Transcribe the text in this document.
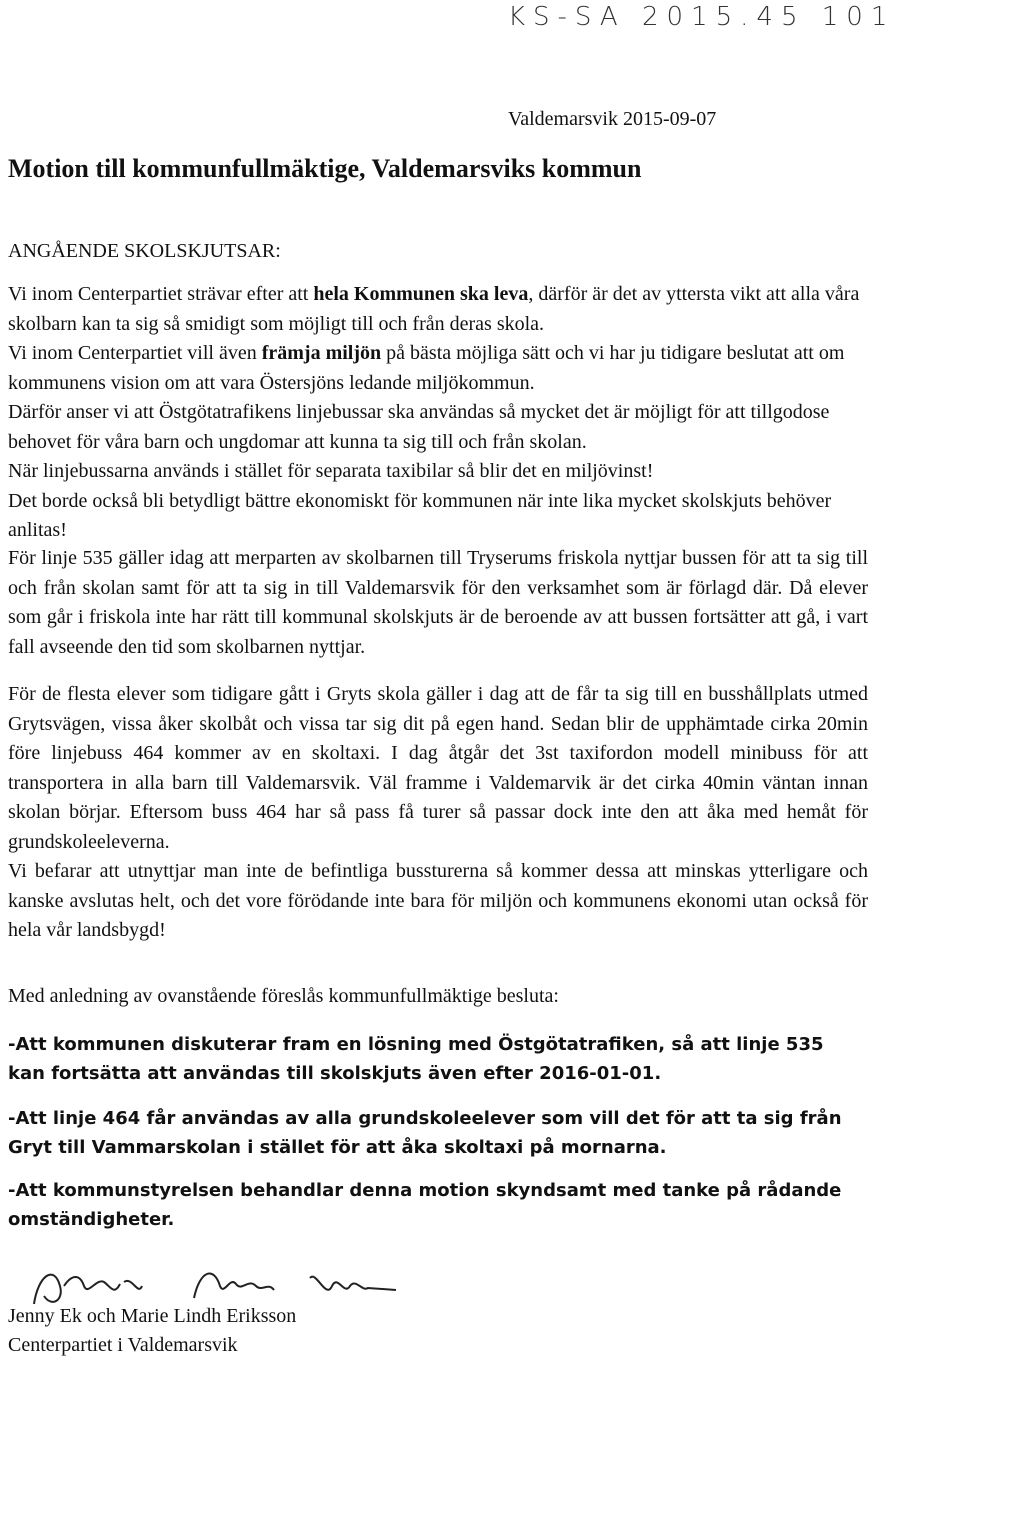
KS-SA 2015.45 101
Valdemarsvik 2015-09-07
Motion till kommunfullmäktige, Valdemarsviks kommun
ANGÅENDE SKOLSKJUTSAR:

Vi inom Centerpartiet strävar efter att hela Kommunen ska leva, därför är det av yttersta vikt att alla våra skolbarn kan ta sig så smidigt som möjligt till och från deras skola.

Vi inom Centerpartiet vill även främja miljön på bästa möjliga sätt och vi har ju tidigare beslutat att om kommunens vision om att vara Östersjöns ledande miljökommun.

Därför anser vi att Östgötatrafikens linjebussar ska användas så mycket det är möjligt för att tillgodose behovet för våra barn och ungdomar att kunna ta sig till och från skolan.

När linjebussarna används i stället för separata taxibilar så blir det en miljövinst!

Det borde också bli betydligt bättre ekonomiskt för kommunen när inte lika mycket skolskjuts behöver anlitas!

För linje 535 gäller idag att merparten av skolbarnen till Tryserums friskola nyttjar bussen för att ta sig till och från skolan samt för att ta sig in till Valdemarsvik för den verksamhet som är förlagd där. Då elever som går i friskola inte har rätt till kommunal skolskjuts är de beroende av att bussen fortsätter att gå, i vart fall avseende den tid som skolbarnen nyttjar.

För de flesta elever som tidigare gått i Gryts skola gäller i dag att de får ta sig till en busshållplats utmed Grytsvägen, vissa åker skolbåt och vissa tar sig dit på egen hand. Sedan blir de upphämtade cirka 20min före linjebuss 464 kommer av en skoltaxi. I dag åtgår det 3st taxifordon modell minibuss för att transportera in alla barn till Valdemarsvik. Väl framme i Valdemarvik är det cirka 40min väntan innan skolan börjar. Eftersom buss 464 har så pass få turer så passar dock inte den att åka med hemåt för grundskoleeleverna.

Vi befarar att utnyttjar man inte de befintliga bussturerna så kommer dessa att minskas ytterligare och kanske avslutas helt, och det vore förödande inte bara för miljön och kommunens ekonomi utan också för hela vår landsbygd!

Med anledning av ovanstående föreslås kommunfullmäktige besluta:

-Att kommunen diskuterar fram en lösning med Östgötatrafiken, så att linje 535 kan fortsätta att användas till skolskjuts även efter 2016-01-01.
-Att linje 464 får användas av alla grundskoleelever som vill det för att ta sig från Gryt till Vammarskolan i stället för att åka skoltaxi på mornarna.
-Att kommunstyrelsen behandlar denna motion skyndsamt med tanke på rådande omständigheter.
Jenny Ek och Marie Lindh Eriksson
Centerpartiet i Valdemarsvik
